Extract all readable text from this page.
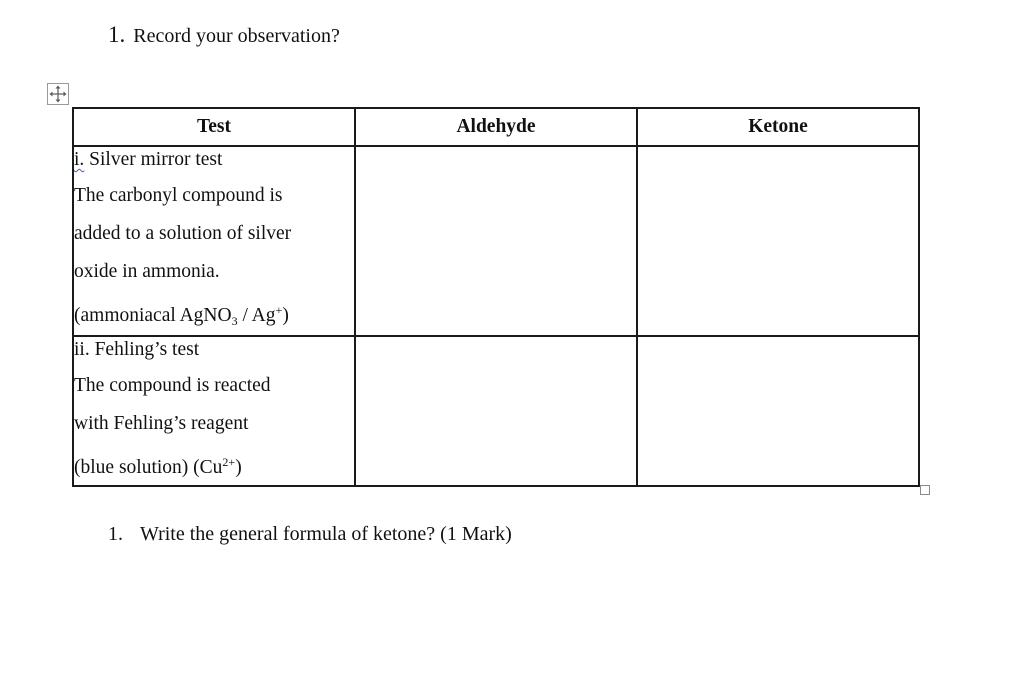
1. Record your observation?
Test	Aldehyde	Ketone

i. Silver mirror test
The carbonyl compound is
added to a solution of silver
oxide in ammonia.
(ammoniacal AgNO$_3$ / Ag+)		

ii. Fehling’s test
The compound is reacted
with Fehling’s reagent
(blue solution) $(Cu^{2+})$		

1. Write the general formula of ketone? (1 Mark)
